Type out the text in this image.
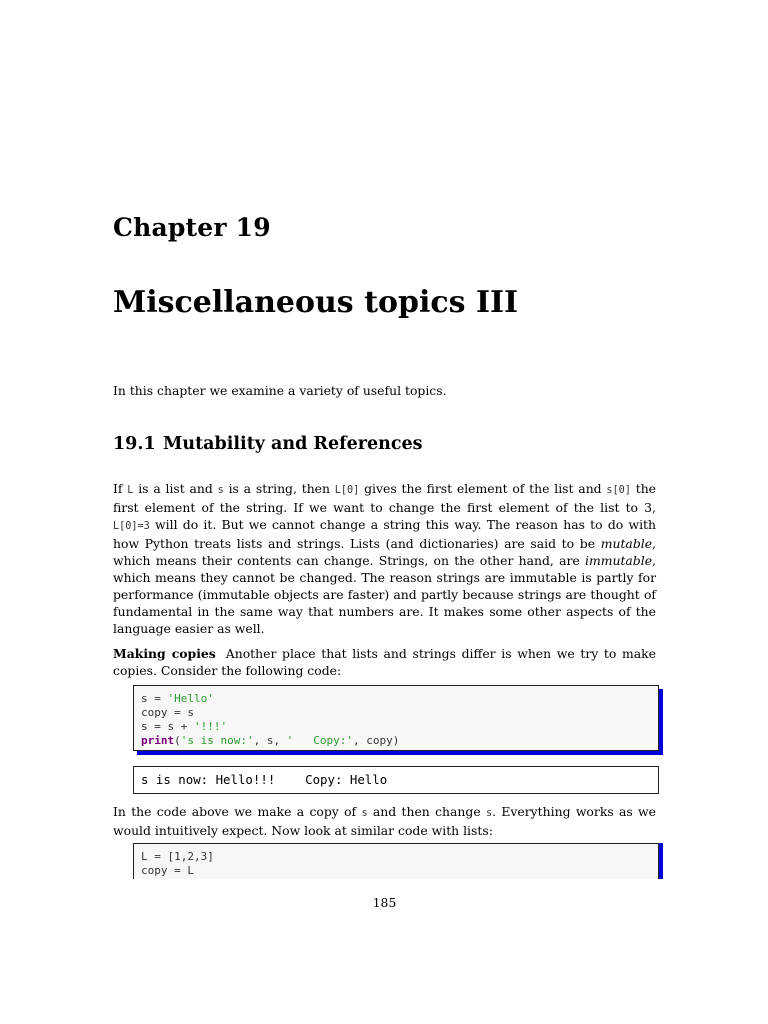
Chapter 19
Miscellaneous topics III
In this chapter we examine a variety of useful topics.
19.1 Mutability and References
If L is a list and s is a string, then L[0] gives the first element of the list and s[0] the first element of the string. If we want to change the first element of the list to 3, L[0]=3 will do it. But we cannot change a string this way. The reason has to do with how Python treats lists and strings. Lists (and dictionaries) are said to be mutable, which means their contents can change. Strings, on the other hand, are immutable, which means they cannot be changed. The reason strings are immutable is partly for performance (immutable objects are faster) and partly because strings are thought of fundamental in the same way that numbers are. It makes some other aspects of the language easier as well.
Making copies Another place that lists and strings differ is when we try to make copies. Consider the following code:
s = 'Hello'
copy = s
s = s + '!!!'
print('s is now:', s, '   Copy:', copy)
s is now: Hello!!!    Copy: Hello
In the code above we make a copy of s and then change s. Everything works as we would intuitively expect. Now look at similar code with lists:
L = [1,2,3]
copy = L
185
